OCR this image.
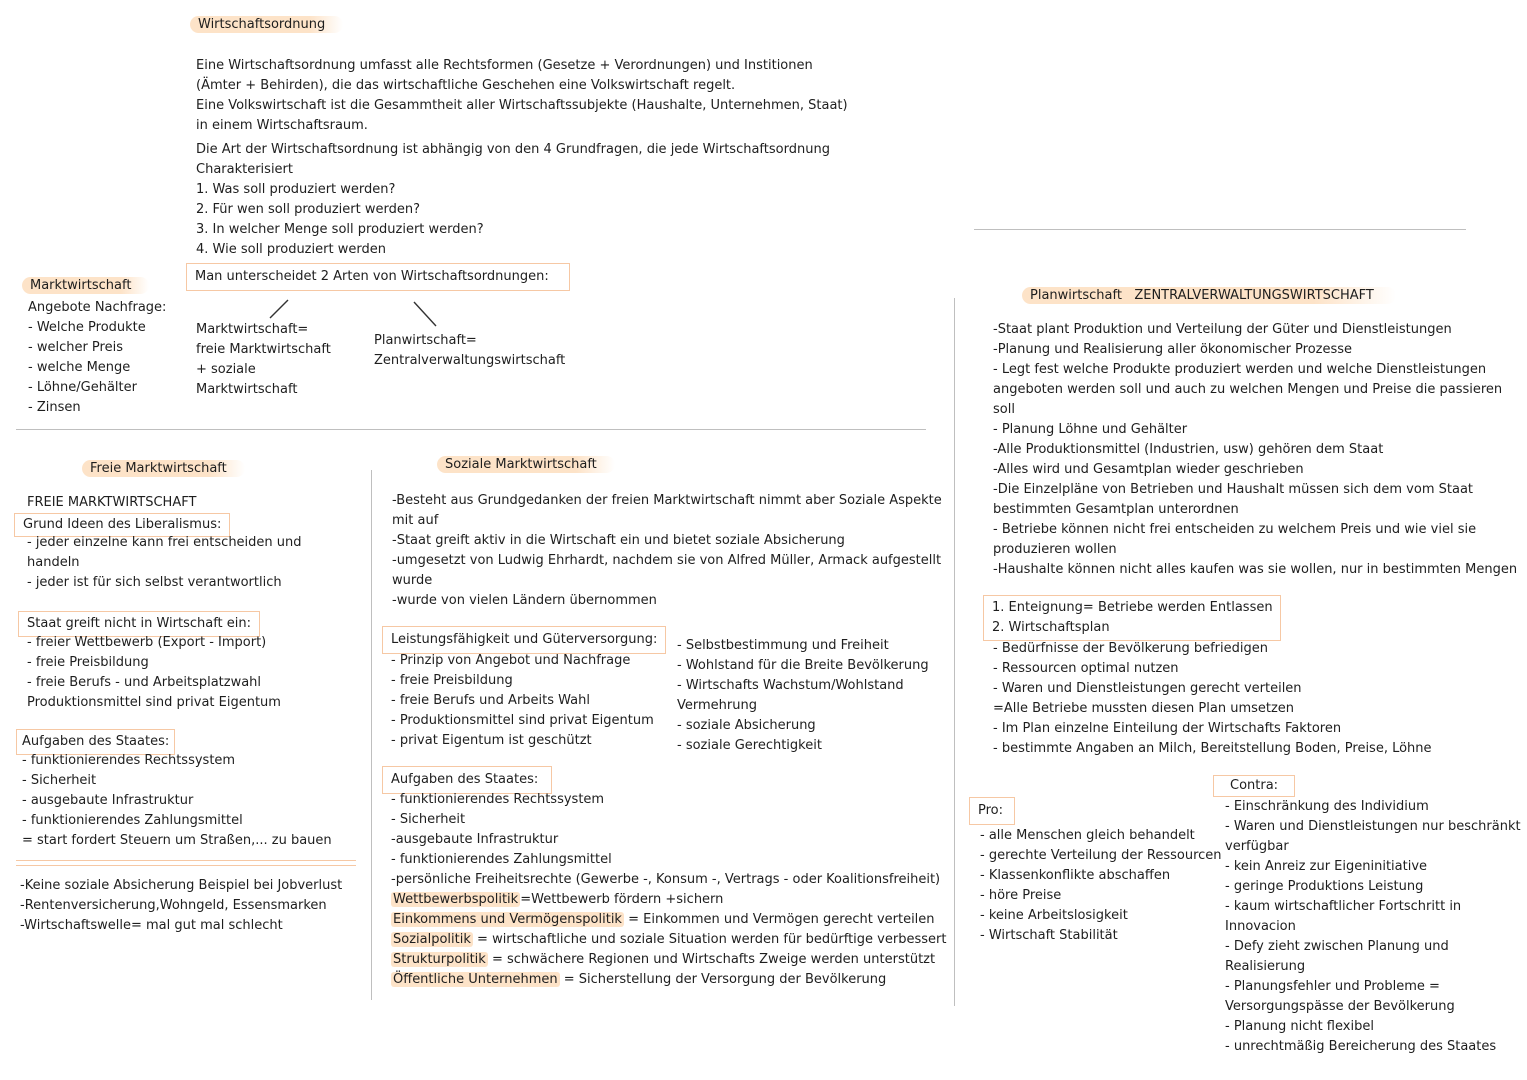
Wirtschaftsordnung
Eine Wirtschaftsordnung umfasst alle Rechtsformen (Gesetze + Verordnungen) und Institionen
(Ämter + Behirden), die das wirtschaftliche Geschehen eine Volkswirtschaft regelt.
Eine Volkswirtschaft ist die Gesammtheit aller Wirtschaftssubjekte (Haushalte, Unternehmen, Staat)
in einem Wirtschaftsraum.
Die Art der Wirtschaftsordnung ist abhängig von den 4 Grundfragen, die jede Wirtschaftsordnung
Charakterisiert
1. Was soll produziert werden?
2. Für wen soll produziert werden?
3. In welcher Menge soll produziert werden?
4. Wie soll produziert werden
Man unterscheidet 2 Arten von Wirtschaftsordnungen:
Marktwirtschaft=
freie Marktwirtschaft
+ soziale
Marktwirtschaft
Planwirtschaft=
Zentralverwaltungswirtschaft
Marktwirtschaft
Angebote Nachfrage:
- Welche Produkte
- welcher Preis
- welche Menge
- Löhne/Gehälter
- Zinsen
Freie Marktwirtschaft
FREIE MARKTWIRTSCHAFT
Grund Ideen des Liberalismus:
- jeder einzelne kann frei entscheiden und
handeln
- jeder ist für sich selbst verantwortlich
Staat greift nicht in Wirtschaft ein:
- freier Wettbewerb (Export - Import)
- freie Preisbildung
- freie Berufs - und Arbeitsplatzwahl
Produktionsmittel sind privat Eigentum
Aufgaben des Staates:
- funktionierendes Rechtssystem
- Sicherheit
- ausgebaute Infrastruktur
- funktionierendes Zahlungsmittel
= start fordert Steuern um Straßen,... zu bauen
-Keine soziale Absicherung Beispiel bei Jobverlust
-Rentenversicherung,Wohngeld, Essensmarken
-Wirtschaftswelle= mal gut mal schlecht
Soziale Marktwirtschaft
-Besteht aus Grundgedanken der freien Marktwirtschaft nimmt aber Soziale Aspekte
mit auf
-Staat greift aktiv in die Wirtschaft ein und bietet soziale Absicherung
-umgesetzt von Ludwig Ehrhardt, nachdem sie von Alfred Müller, Armack aufgestellt
wurde
-wurde von vielen Ländern übernommen
Leistungsfähigkeit und Güterversorgung:
- Prinzip von Angebot und Nachfrage
- freie Preisbildung
- freie Berufs und Arbeits Wahl
- Produktionsmittel sind privat Eigentum
- privat Eigentum ist geschützt
- Selbstbestimmung und Freiheit
- Wohlstand für die Breite Bevölkerung
- Wirtschafts Wachstum/Wohlstand
Vermehrung
- soziale Absicherung
- soziale Gerechtigkeit
Aufgaben des Staates:
- funktionierendes Rechtssystem
- Sicherheit
-ausgebaute Infrastruktur
- funktionierendes Zahlungsmittel
-persönliche Freiheitsrechte (Gewerbe -, Konsum -, Vertrags - oder Koalitionsfreiheit)
Wettbewerbspolitik =Wettbewerb fördern +sichern
Einkommens und Vermögenspolitik = Einkommen und Vermögen gerecht verteilen
Sozialpolitik = wirtschaftliche und soziale Situation werden für bedürftige verbessert
Strukturpolitik = schwächere Regionen und Wirtschafts Zweige werden unterstützt
Öffentliche Unternehmen = Sicherstellung der Versorgung der Bevölkerung
Planwirtschaft ZENTRALVERWALTUNGSWIRTSCHAFT
-Staat plant Produktion und Verteilung der Güter und Dienstleistungen
-Planung und Realisierung aller ökonomischer Prozesse
- Legt fest welche Produkte produziert werden und welche Dienstleistungen
angeboten werden soll und auch zu welchen Mengen und Preise die passieren
soll
- Planung Löhne und Gehälter
-Alle Produktionsmittel (Industrien, usw) gehören dem Staat
-Alles wird und Gesamtplan wieder geschrieben
-Die Einzelpläne von Betrieben und Haushalt müssen sich dem vom Staat
bestimmten Gesamtplan unterordnen
- Betriebe können nicht frei entscheiden zu welchem Preis und wie viel sie
produzieren wollen
-Haushalte können nicht alles kaufen was sie wollen, nur in bestimmten Mengen
1. Enteignung= Betriebe werden Entlassen
2. Wirtschaftsplan
- Bedürfnisse der Bevölkerung befriedigen
- Ressourcen optimal nutzen
- Waren und Dienstleistungen gerecht verteilen
=Alle Betriebe mussten diesen Plan umsetzen
- Im Plan einzelne Einteilung der Wirtschafts Faktoren
- bestimmte Angaben an Milch, Bereitstellung Boden, Preise, Löhne
Pro:
- alle Menschen gleich behandelt
- gerechte Verteilung der Ressourcen
- Klassenkonflikte abschaffen
- höre Preise
- keine Arbeitslosigkeit
- Wirtschaft Stabilität
Contra:
- Einschränkung des Individium
- Waren und Dienstleistungen nur beschränkt
verfügbar
- kein Anreiz zur Eigeninitiative
- geringe Produktions Leistung
- kaum wirtschaftlicher Fortschritt in
Innovacion
- Defy zieht zwischen Planung und
Realisierung
- Planungsfehler und Probleme =
Versorgungspässe der Bevölkerung
- Planung nicht flexibel
- unrechtmäßig Bereicherung des Staates
